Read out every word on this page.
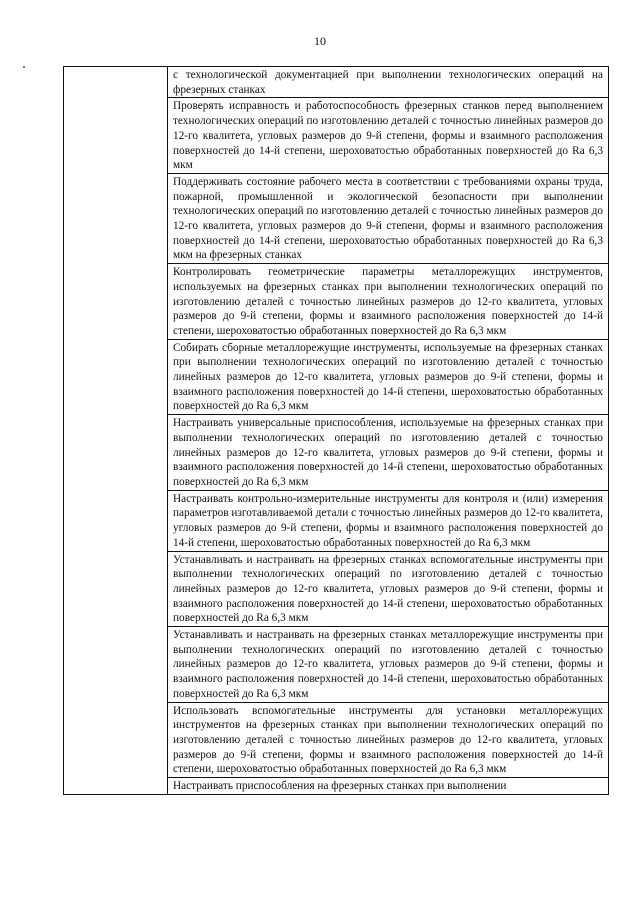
10
	с технологической документацией при выполнении технологических операций на фрезерных станках
Проверять исправность и работоспособность фрезерных станков перед выполнением технологических операций по изготовлению деталей с точностью линейных размеров до 12-го квалитета, угловых размеров до 9-й степени, формы и взаимного расположения поверхностей до 14-й степени, шероховатостью обработанных поверхностей до Ra 6,3 мкм
Поддерживать состояние рабочего места в соответствии с требованиями охраны труда, пожарной, промышленной и экологической безопасности при выполнении технологических операций по изготовлению деталей с точностью линейных размеров до 12-го квалитета, угловых размеров до 9-й степени, формы и взаимного расположения поверхностей до 14-й степени, шероховатостью обработанных поверхностей до Ra 6,3 мкм на фрезерных станках
Контролировать геометрические параметры металлорежущих инструментов, используемых на фрезерных станках при выполнении технологических операций по изготовлению деталей с точностью линейных размеров до 12-го квалитета, угловых размеров до 9-й степени, формы и взаимного расположения поверхностей до 14-й степени, шероховатостью обработанных поверхностей до Ra 6,3 мкм
Собирать сборные металлорежущие инструменты, используемые на фрезерных станках при выполнении технологических операций по изготовлению деталей с точностью линейных размеров до 12-го квалитета, угловых размеров до 9-й степени, формы и взаимного расположения поверхностей до 14-й степени, шероховатостью обработанных поверхностей до Ra 6,3 мкм
Настраивать универсальные приспособления, используемые на фрезерных станках при выполнении технологических операций по изготовлению деталей с точностью линейных размеров до 12-го квалитета, угловых размеров до 9-й степени, формы и взаимного расположения поверхностей до 14-й степени, шероховатостью обработанных поверхностей до Ra 6,3 мкм
Настраивать контрольно-измерительные инструменты для контроля и (или) измерения параметров изготавливаемой детали с точностью линейных размеров до 12-го квалитета, угловых размеров до 9-й степени, формы и взаимного расположения поверхностей до 14-й степени, шероховатостью обработанных поверхностей до Ra 6,3 мкм
Устанавливать и настраивать на фрезерных станках вспомогательные инструменты при выполнении технологических операций по изготовлению деталей с точностью линейных размеров до 12-го квалитета, угловых размеров до 9-й степени, формы и взаимного расположения поверхностей до 14-й степени, шероховатостью обработанных поверхностей до Ra 6,3 мкм
Устанавливать и настраивать на фрезерных станках металлорежущие инструменты при выполнении технологических операций по изготовлению деталей с точностью линейных размеров до 12-го квалитета, угловых размеров до 9-й степени, формы и взаимного расположения поверхностей до 14-й степени, шероховатостью обработанных поверхностей до Ra 6,3 мкм
Использовать вспомогательные инструменты для установки металлорежущих инструментов на фрезерных станках при выполнении технологических операций по изготовлению деталей с точностью линейных размеров до 12-го квалитета, угловых размеров до 9-й степени, формы и взаимного расположения поверхностей до 14-й степени, шероховатостью обработанных поверхностей до Ra 6,3 мкм
Настраивать приспособления на фрезерных станках при выполнении
